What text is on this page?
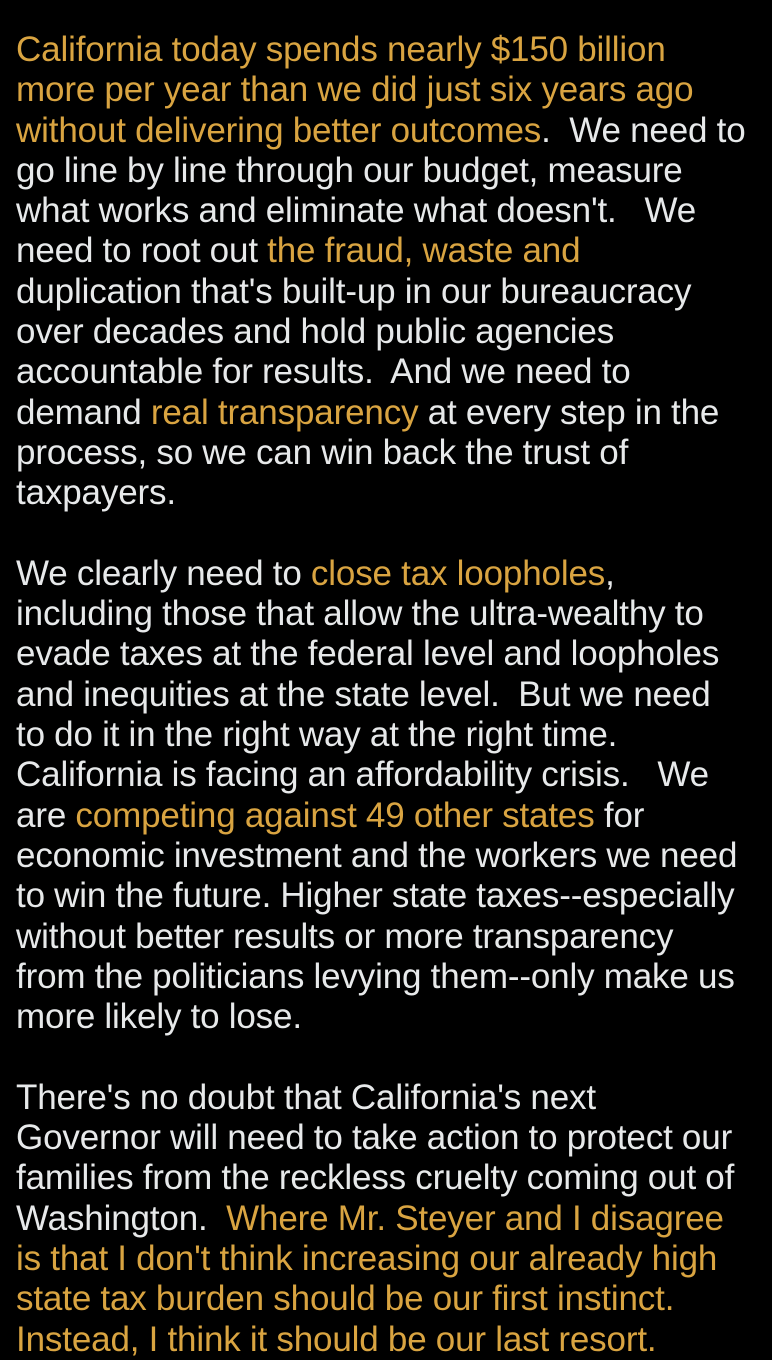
California today spends nearly $150 billion more per year than we did just six years ago without delivering better outcomes.  We need to go line by line through our budget, measure what works and eliminate what doesn't.   We need to root out the fraud, waste and duplication that's built-up in our bureaucracy over decades and hold public agencies accountable for results.  And we need to demand real transparency at every step in the process, so we can win back the trust of taxpayers.
We clearly need to close tax loopholes, including those that allow the ultra-wealthy to evade taxes at the federal level and loopholes and inequities at the state level.  But we need to do it in the right way at the right time.  California is facing an affordability crisis.   We are competing against 49 other states for economic investment and the workers we need to win the future. Higher state taxes--especially without better results or more transparency from the politicians levying them--only make us more likely to lose.
There's no doubt that California's next Governor will need to take action to protect our families from the reckless cruelty coming out of Washington.  Where Mr. Steyer and I disagree is that I don't think increasing our already high state tax burden should be our first instinct.  Instead, I think it should be our last resort.
